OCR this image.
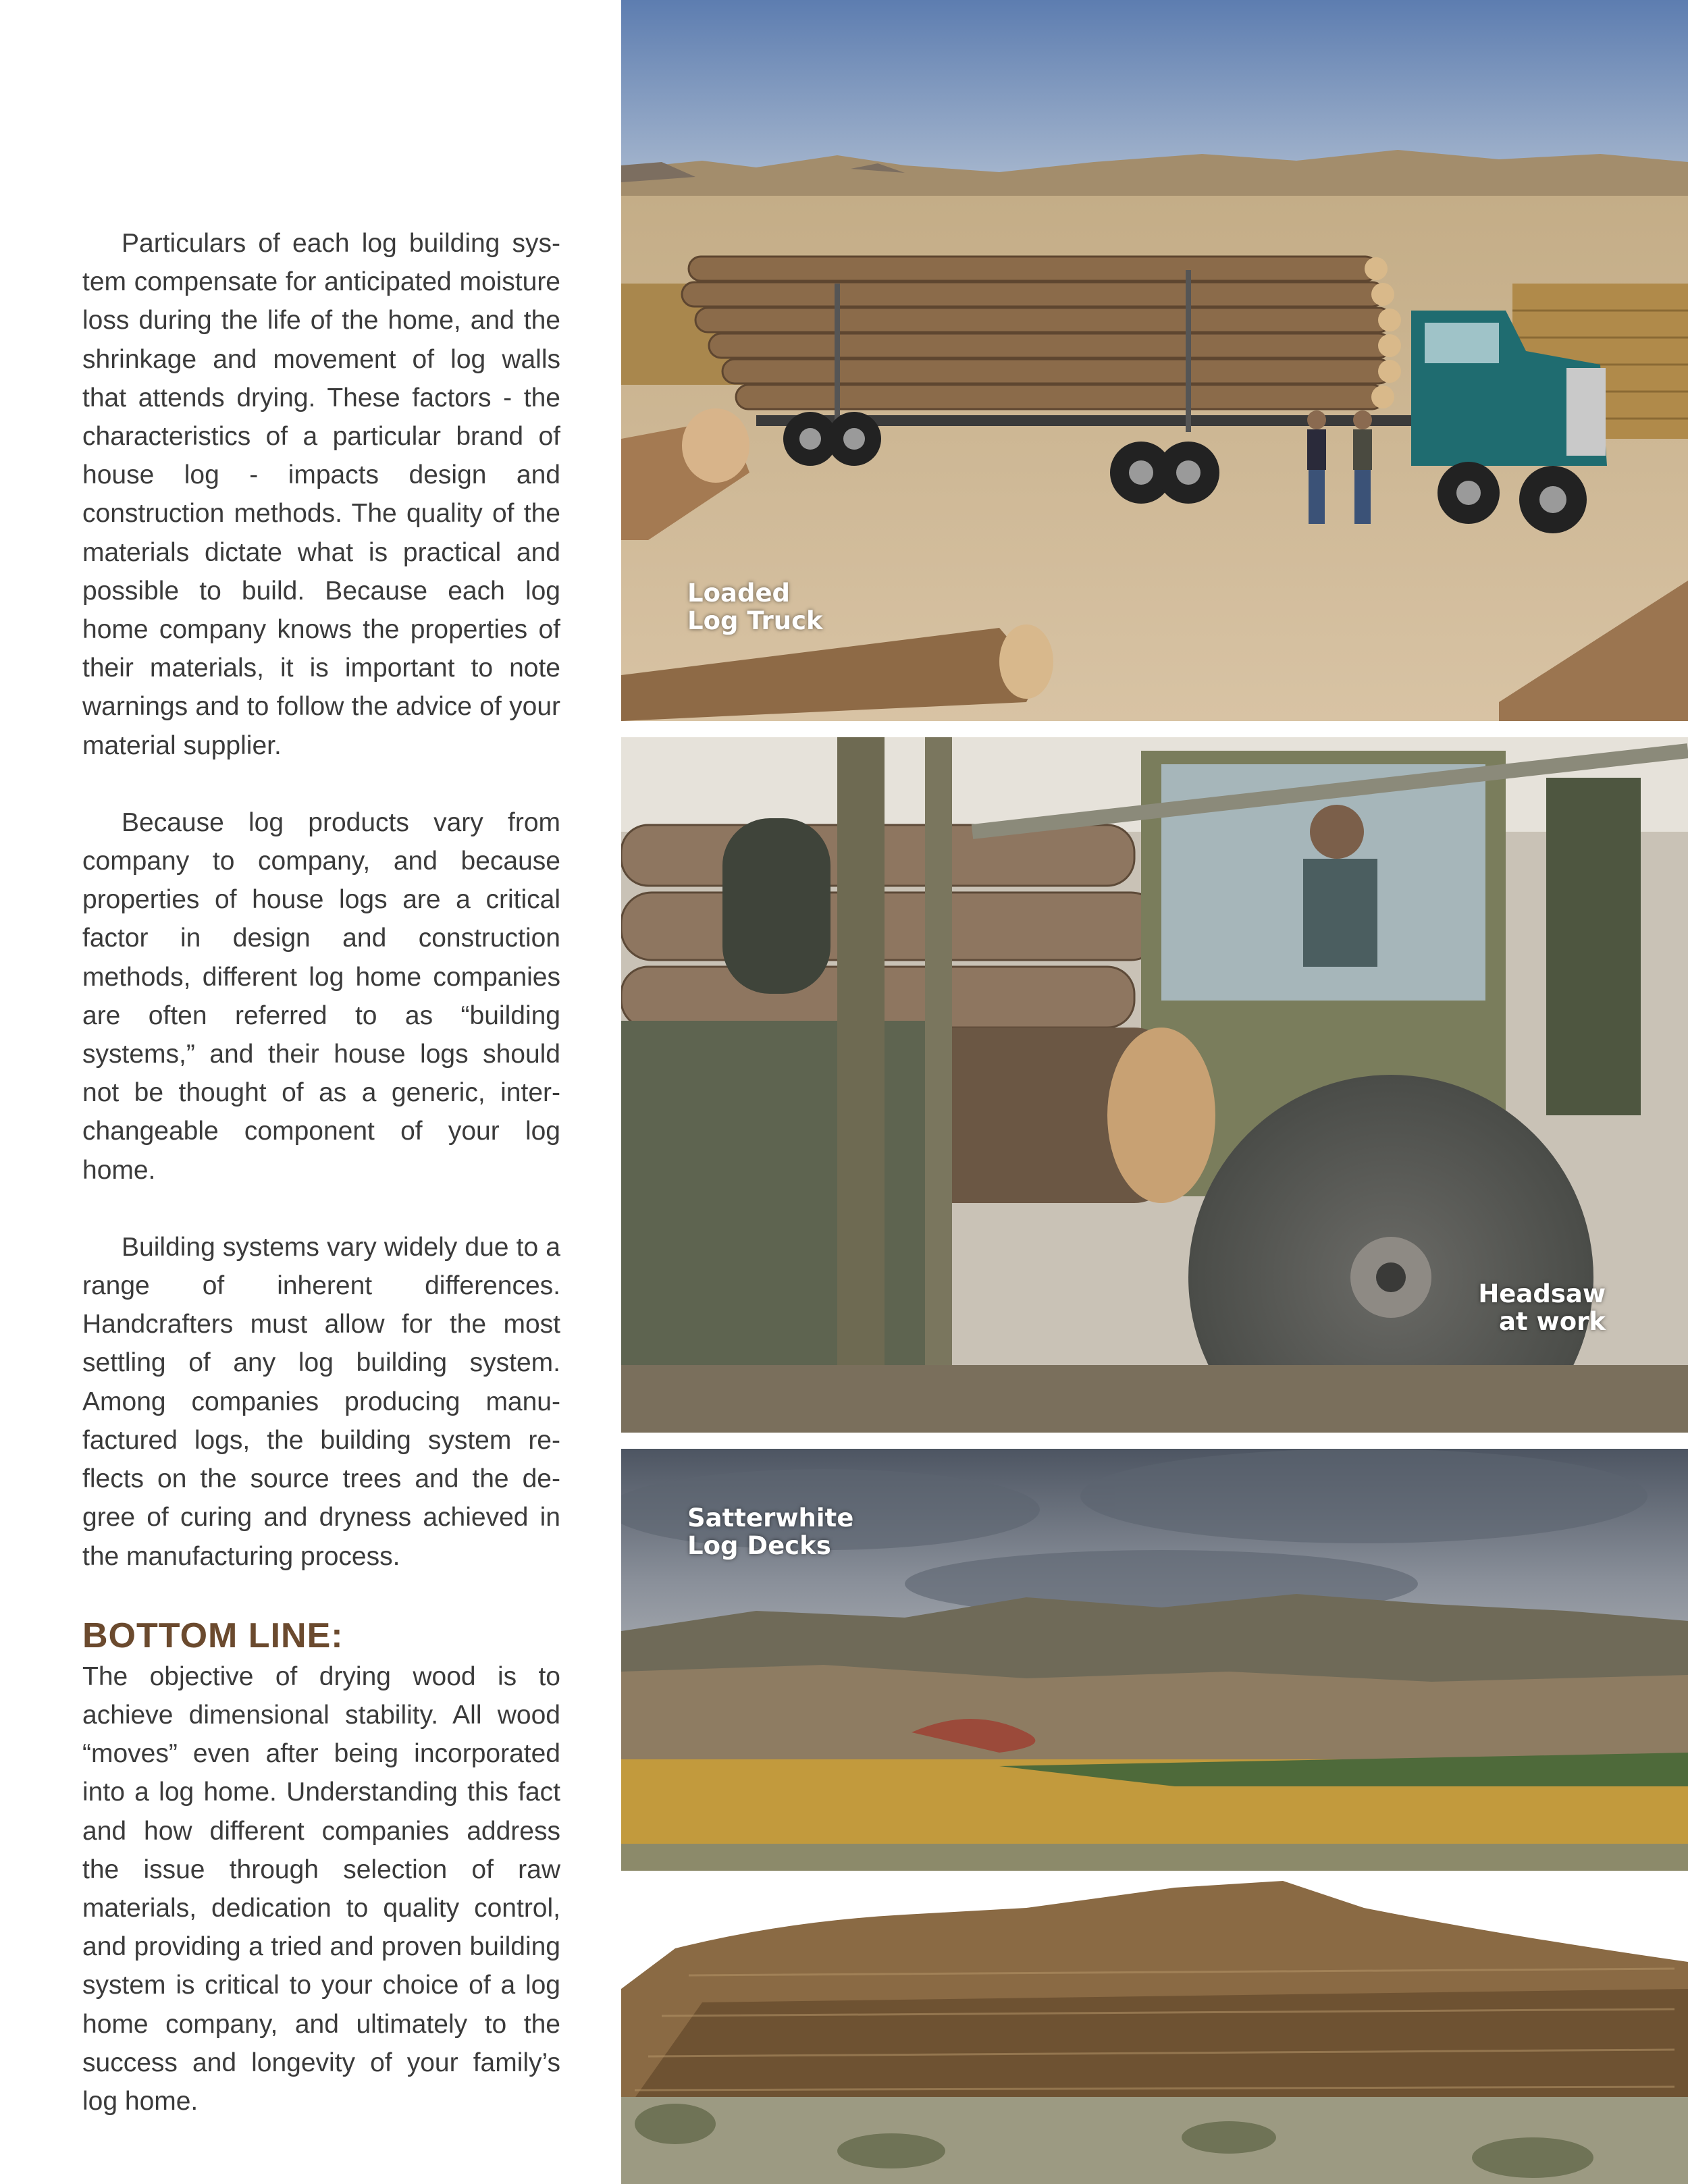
Particulars of each log building system compensate for anticipated moisture loss during the life of the home, and the shrinkage and movement of log walls that attends drying. These factors - the characteristics of a particular brand of house log - impacts design and construction methods. The quality of the materials dictate what is practical and possible to build. Because each log home company knows the properties of their materials, it is important to note warnings and to follow the advice of your material supplier.

Because log products vary from company to company, and because properties of house logs are a critical factor in design and construction methods, different log home companies are often referred to as “building systems,” and their house logs should not be thought of as a generic, interchangeable component of your log home.

Building systems vary widely due to a range of inherent differences. Handcrafters must allow for the most settling of any log building system. Among companies producing manufactured logs, the building system reflects on the source trees and the degree of curing and dryness achieved in the manufacturing process.

BOTTOM LINE:

The objective of drying wood is to achieve dimensional stability. All wood “moves” even after being incorporated into a log home. Understanding this fact and how different companies address the issue through selection of raw materials, dedication to quality control, and providing a tried and proven building system is critical to your choice of a log home company, and ultimately to the success and longevity of your family’s log home.

Loaded
Log Truck
Headsaw
at work
Satterwhite
Log Decks
